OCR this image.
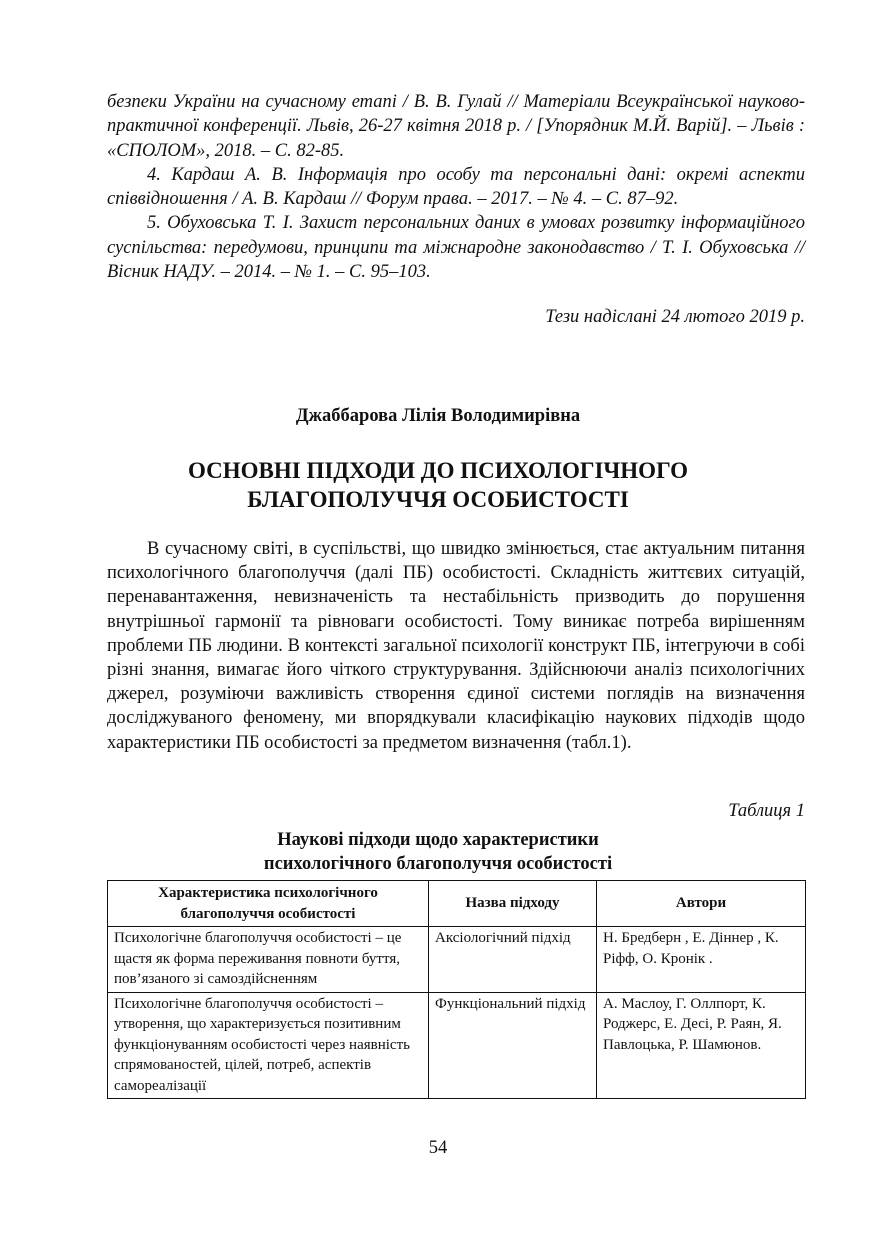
безпеки України на сучасному етапі / В. В. Гулай // Матеріали Всеукраїнської науково-практичної конференції. Львів, 26-27 квітня 2018 р. / [Упорядник М.Й. Варій]. – Львів : «СПОЛОМ», 2018. – С. 82-85.

4. Кардаш А. В. Інформація про особу та персональні дані: окремі аспекти співвідношення / А. В. Кардаш // Форум права. – 2017. – № 4. – С. 87–92.

5. Обуховська Т. І. Захист персональних даних в умовах розвитку інформаційного суспільства: передумови, принципи та міжнародне законодавство / Т. І. Обуховська // Вісник НАДУ. – 2014. – № 1. – С. 95–103.

Тези надіслані 24 лютого 2019 р.
Джаббарова Лілія Володимирівна
ОСНОВНІ ПІДХОДИ ДО ПСИХОЛОГІЧНОГО
БЛАГОПОЛУЧЧЯ ОСОБИСТОСТІ

В сучасному світі, в суспільстві, що швидко змінюється, стає актуальним питання психологічного благополуччя (далі ПБ) особистості. Складність життєвих ситуацій, перенавантаження, невизначеність та нестабільність призводить до порушення внутрішньої гармонії та рівноваги особистості. Тому виникає потреба вирішенням проблеми ПБ людини. В контексті загальної психології конструкт ПБ, інтегруючи в собі різні знання, вимагає його чіткого структурування. Здійснюючи аналіз психологічних джерел, розуміючи важливість створення єдиної системи поглядів на визначення досліджуваного феномену, ми впорядкували класифікацію наукових підходів щодо характеристики ПБ особистості за предметом визначення (табл.1).

Таблиця 1
Наукові підходи щодо характеристики
психологічного благополуччя особистості
Характеристика психологічного благополуччя особистості	Назва підходу	Автори
Психологічне благополуччя особистості – це щастя як форма переживання повноти буття, пов’язаного зі самоздійсненням	Аксіологічний підхід	Н. Бредберн , Е. Діннер , К. Ріфф, О. Кронік .
Психологічне благополуччя особистості – утворення, що характеризується позитивним функціонуванням особистості через наявність спрямованостей, цілей, потреб, аспектів самореалізації	Функціональний підхід	А. Маслоу, Г. Оллпорт, К. Роджерс, Е. Десі, Р. Раян, Я. Павлоцька, Р. Шамюнов.
54
